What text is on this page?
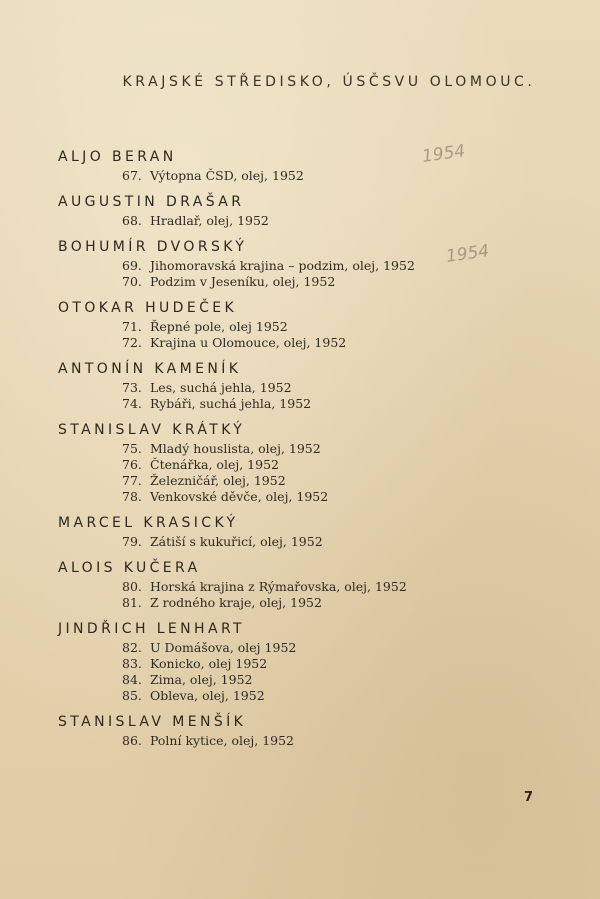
KRAJSKÉ STŘEDISKO, ÚSČSVU OLOMOUC.
1954
1954
ALJO BERAN
67. Výtopna ČSD, olej, 1952
AUGUSTIN DRAŠAR
68. Hradlař, olej, 1952
BOHUMÍR DVORSKÝ
69. Jihomoravská krajina – podzim, olej, 1952
70. Podzim v Jeseníku, olej, 1952
OTOKAR HUDEČEK
71. Řepné pole, olej 1952
72. Krajina u Olomouce, olej, 1952
ANTONÍN KAMENÍK
73. Les, suchá jehla, 1952
74. Rybáři, suchá jehla, 1952
STANISLAV KRÁTKÝ
75. Mladý houslista, olej, 1952
76. Čtenářka, olej, 1952
77. Železničář, olej, 1952
78. Venkovské děvče, olej, 1952
MARCEL KRASICKÝ
79. Zátiší s kukuřicí, olej, 1952
ALOIS KUČERA
80. Horská krajina z Rýmařovska, olej, 1952
81. Z rodného kraje, olej, 1952
JINDŘICH LENHART
82. U Domášova, olej 1952
83. Konicko, olej 1952
84. Zima, olej, 1952
85. Obleva, olej, 1952
STANISLAV MENŠÍK
86. Polní kytice, olej, 1952
7
